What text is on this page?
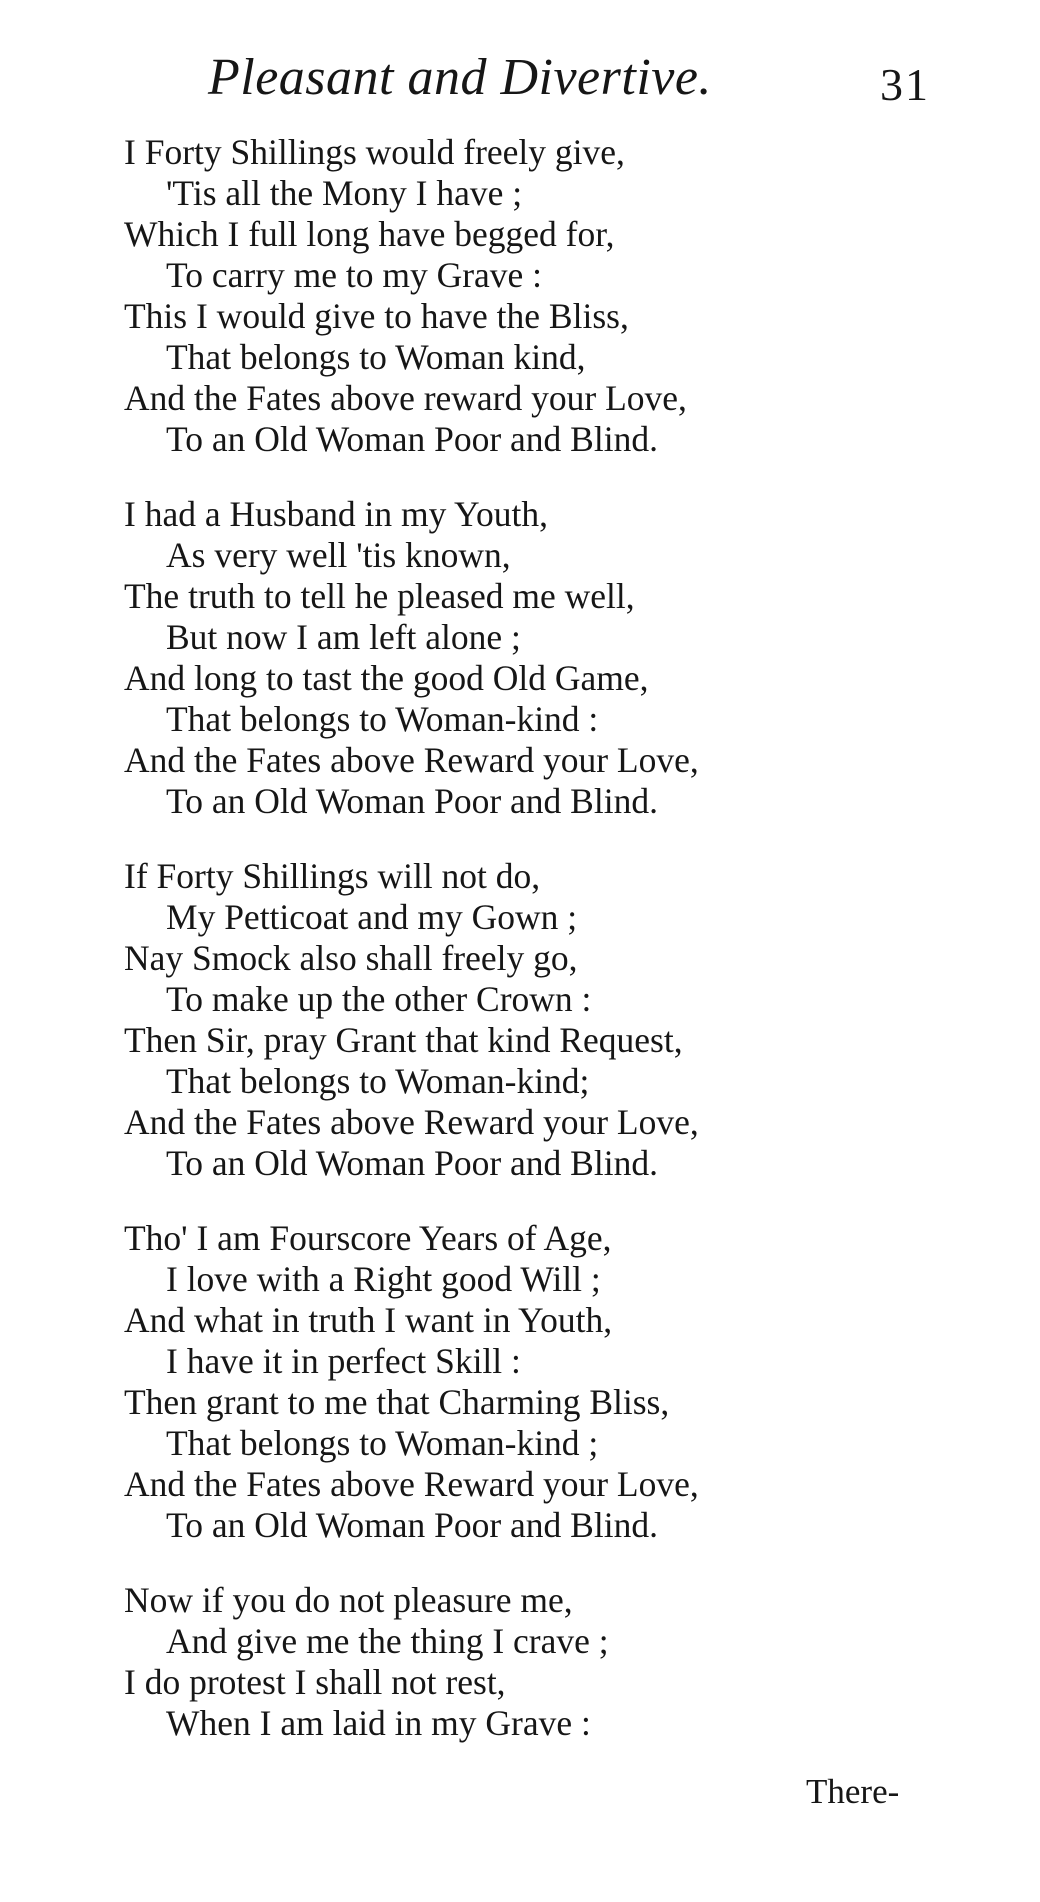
Pleasant and Divertive.	31
I Forty Shillings would freely give,
'Tis all the Mony I have ;
Which I full long have begged for,
To carry me to my Grave :
This I would give to have the Bliss,
That belongs to Woman kind,
And the Fates above reward your Love,
To an Old Woman Poor and Blind.
I had a Husband in my Youth,
As very well 'tis known,
The truth to tell he pleased me well,
But now I am left alone ;
And long to tast the good Old Game,
That belongs to Woman-kind :
And the Fates above Reward your Love,
To an Old Woman Poor and Blind.
If Forty Shillings will not do,
My Petticoat and my Gown ;
Nay Smock also shall freely go,
To make up the other Crown :
Then Sir, pray Grant that kind Request,
That belongs to Woman-kind;
And the Fates above Reward your Love,
To an Old Woman Poor and Blind.
Tho' I am Fourscore Years of Age,
I love with a Right good Will ;
And what in truth I want in Youth,
I have it in perfect Skill :
Then grant to me that Charming Bliss,
That belongs to Woman-kind ;
And the Fates above Reward your Love,
To an Old Woman Poor and Blind.
Now if you do not pleasure me,
And give me the thing I crave ;
I do protest I shall not rest,
When I am laid in my Grave :
There-
